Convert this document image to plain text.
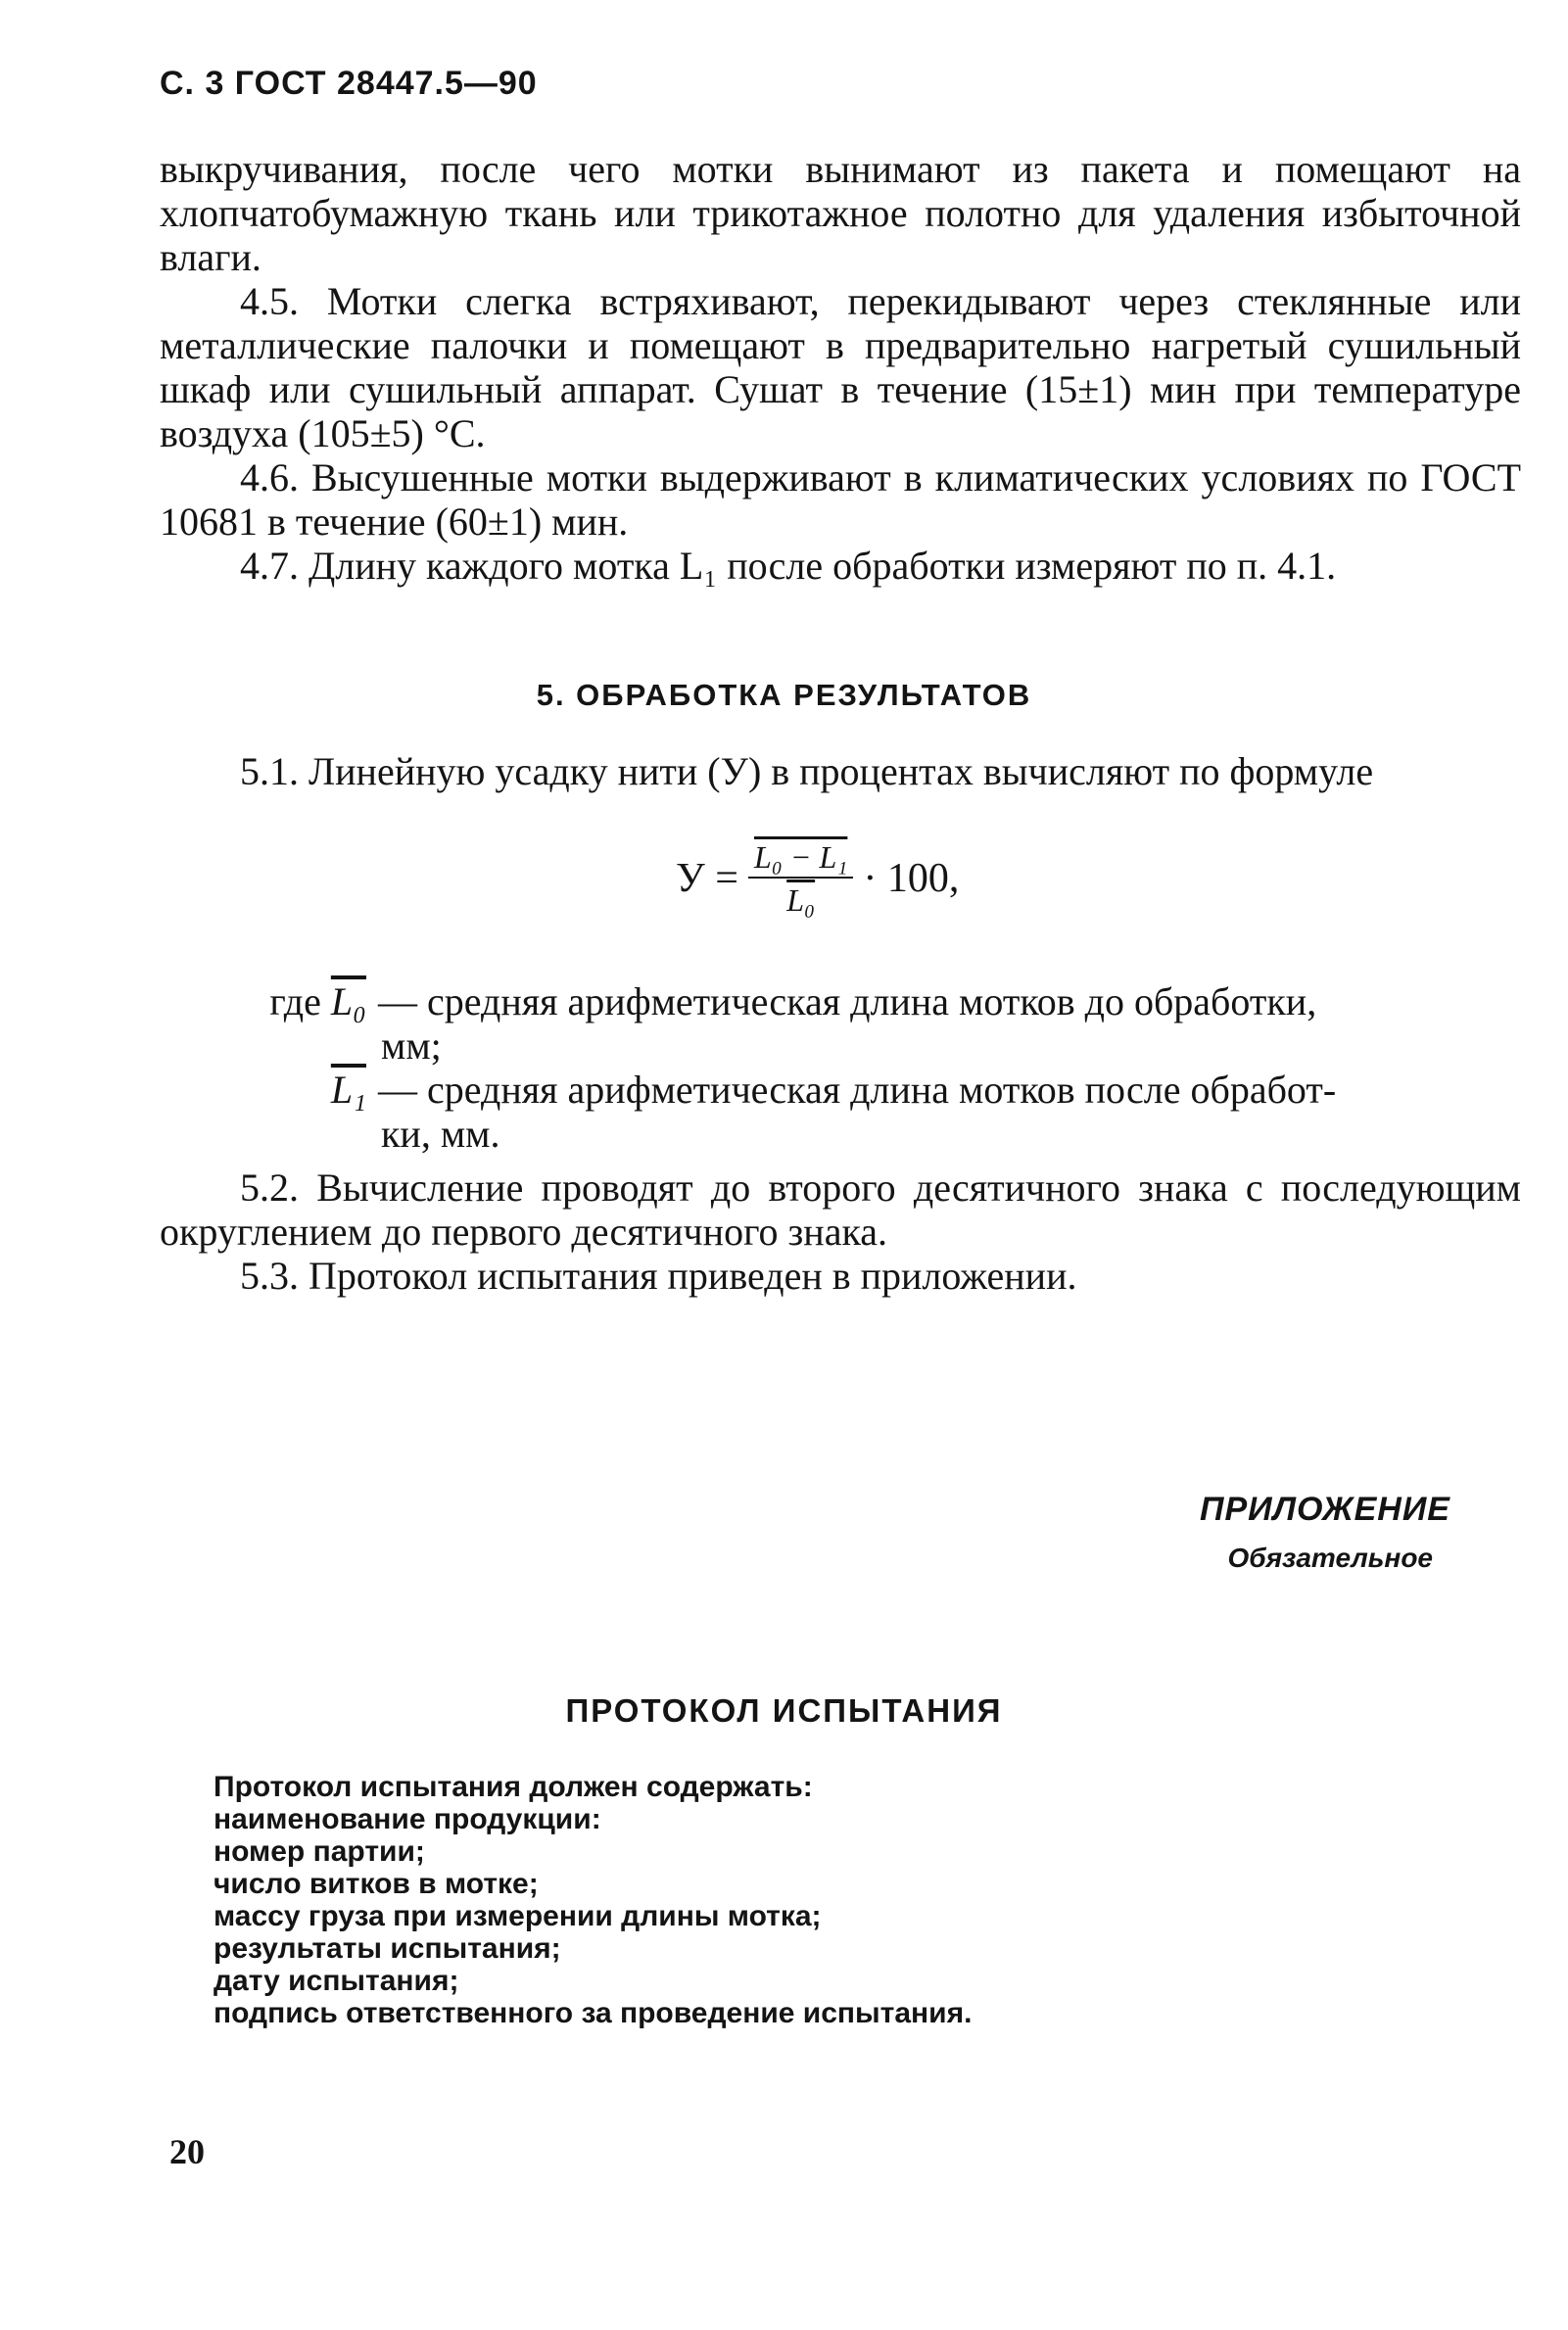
С. 3 ГОСТ 28447.5—90

выкручивания, после чего мотки вынимают из пакета и помещают на хлопчатобумажную ткань или трикотажное полотно для удаления избыточной влаги.

4.5. Мотки слегка встряхивают, перекидывают через стеклянные или металлические палочки и помещают в предварительно нагретый сушильный шкаф или сушильный аппарат. Сушат в течение (15±1) мин при температуре воздуха (105±5) °С.

4.6. Высушенные мотки выдерживают в климатических условиях по ГОСТ 10681 в течение (60±1) мин.

4.7. Длину каждого мотка L₁ после обработки измеряют по п. 4.1.

5. ОБРАБОТКА РЕЗУЛЬТАТОВ

5.1. Линейную усадку нити (У) в процентах вычисляют по формуле

$У = \frac{\text{L₀ − L₁}}{\text{L₀}} \cdot 100$,
где L₀ — средняя арифметическая длина мотков до обработки,
мм;
L₁ — средняя арифметическая длина мотков после обработ-
ки, мм.

5.2. Вычисление проводят до второго десятичного знака с последующим округлением до первого десятичного знака.

5.3. Протокол испытания приведен в приложении.

ПРИЛОЖЕНИЕ
Обязательное
ПРОТОКОЛ ИСПЫТАНИЯ
Протокол испытания должен содержать:
наименование продукции:
номер партии;
число витков в мотке;
массу груза при измерении длины мотка;
результаты испытания;
дату испытания;
подпись ответственного за проведение испытания.
20
